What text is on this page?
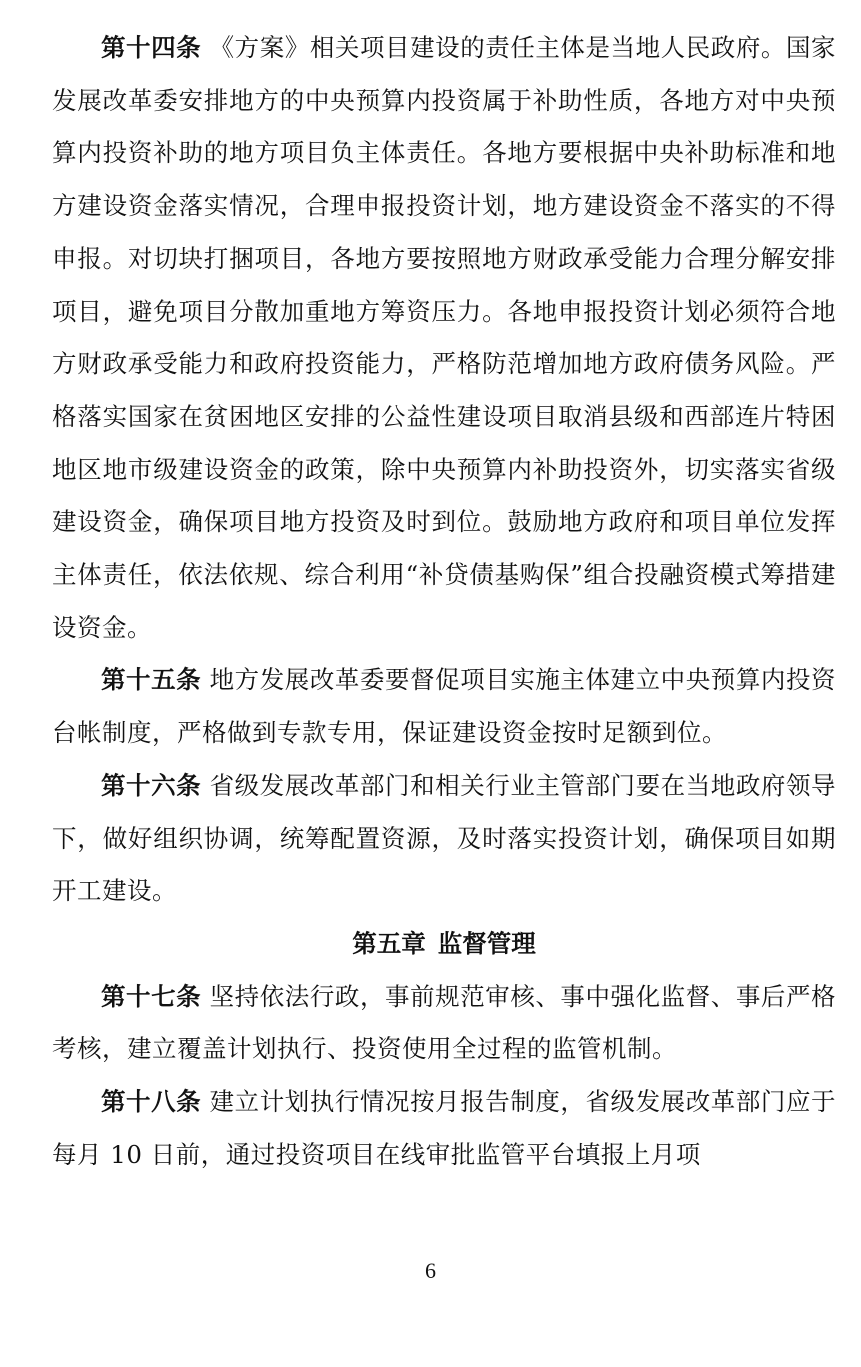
第十四条 《方案》相关项目建设的责任主体是当地人民政府。国家发展改革委安排地方的中央预算内投资属于补助性质，各地方对中央预算内投资补助的地方项目负主体责任。各地方要根据中央补助标准和地方建设资金落实情况，合理申报投资计划，地方建设资金不落实的不得申报。对切块打捆项目，各地方要按照地方财政承受能力合理分解安排项目，避免项目分散加重地方筹资压力。各地申报投资计划必须符合地方财政承受能力和政府投资能力，严格防范增加地方政府债务风险。严格落实国家在贫困地区安排的公益性建设项目取消县级和西部连片特困地区地市级建设资金的政策，除中央预算内补助投资外，切实落实省级建设资金，确保项目地方投资及时到位。鼓励地方政府和项目单位发挥主体责任，依法依规、综合利用“补贷债基购保”组合投融资模式筹措建设资金。

第十五条 地方发展改革委要督促项目实施主体建立中央预算内投资台帐制度，严格做到专款专用，保证建设资金按时足额到位。

第十六条 省级发展改革部门和相关行业主管部门要在当地政府领导下，做好组织协调，统筹配置资源，及时落实投资计划，确保项目如期开工建设。

第五章 监督管理

第十七条 坚持依法行政，事前规范审核、事中强化监督、事后严格考核，建立覆盖计划执行、投资使用全过程的监管机制。

第十八条 建立计划执行情况按月报告制度，省级发展改革部门应于每月 10 日前，通过投资项目在线审批监管平台填报上月项

6
